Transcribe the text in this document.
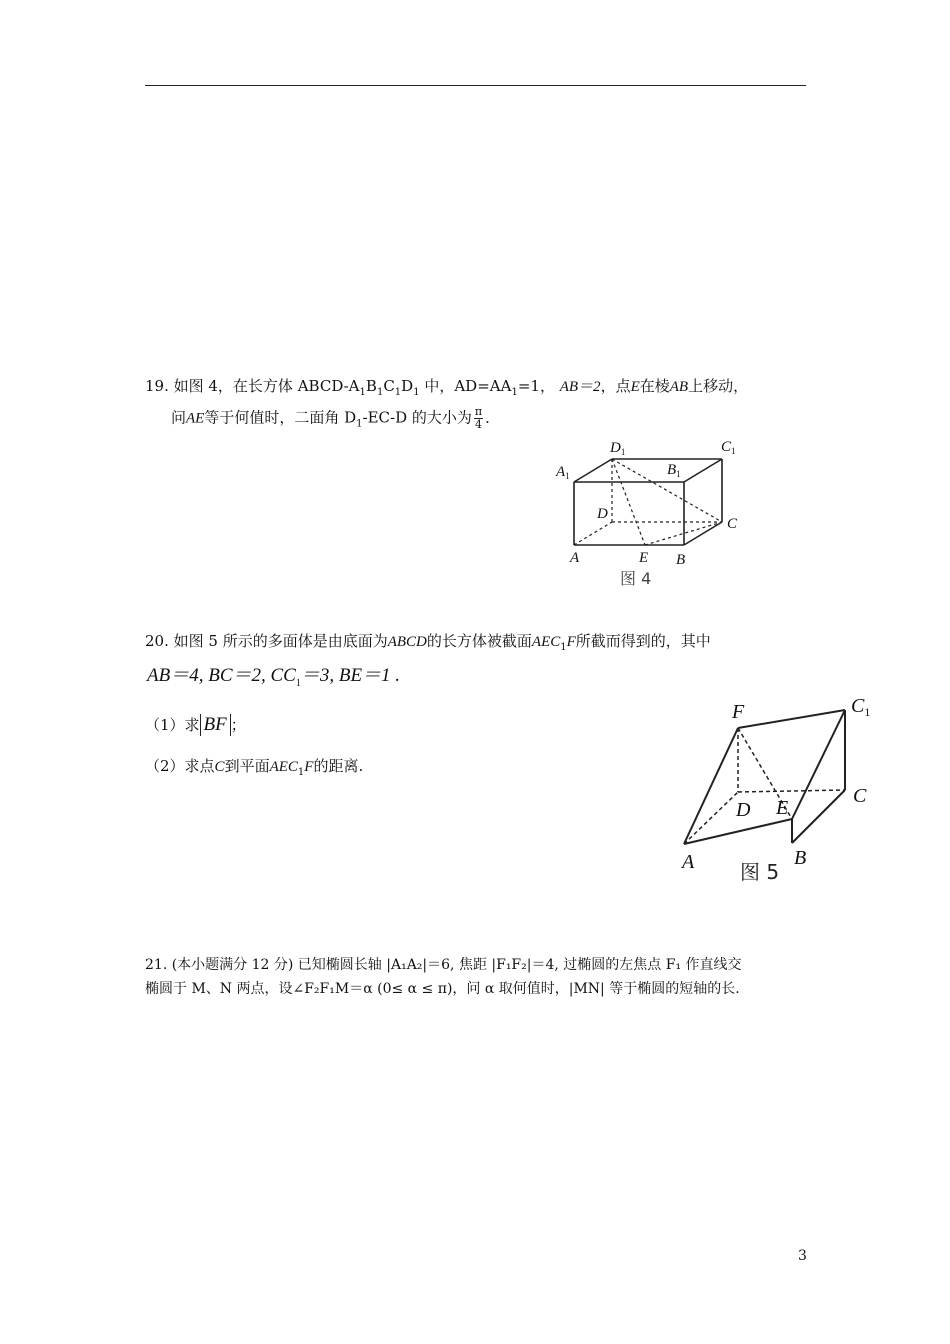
19. 如图 4，在长方体 ABCD-$A_1B_1C_1D_1$ 中，$AD=AA_1=1$， AB＝2，点E在棱AB上移动，
问AE等于何值时，二面角 $D_1-EC-D$ 的大小为 $\frac{\pi}{4}$ ．
$D_1$	$C_1$
$A_1$	$B_1$
D
C
A	E B
图 4
20. 如图 5 所示的多面体是由底面为ABCD的长方体被截面$AEC_1F$所截而得到的，其中
AB＝4, BC＝2, $CC_1=3$, BE＝1 .
（1）求 BF ；
（2）求点C到平面$AEC_1F$的距离.
F	$C_1$
C
D E
A	B
图 5
21. (本小题满分 12 分) 已知椭圆长轴 |A₁A₂|＝6, 焦距 |F₁F₂|＝4, 过椭圆的左焦点 F₁ 作直线交
椭圆于 M、N 两点，设∠F₂F₁M＝α (0≤ α ≤ π)，问 α 取何值时，|MN| 等于椭圆的短轴的长.
3
